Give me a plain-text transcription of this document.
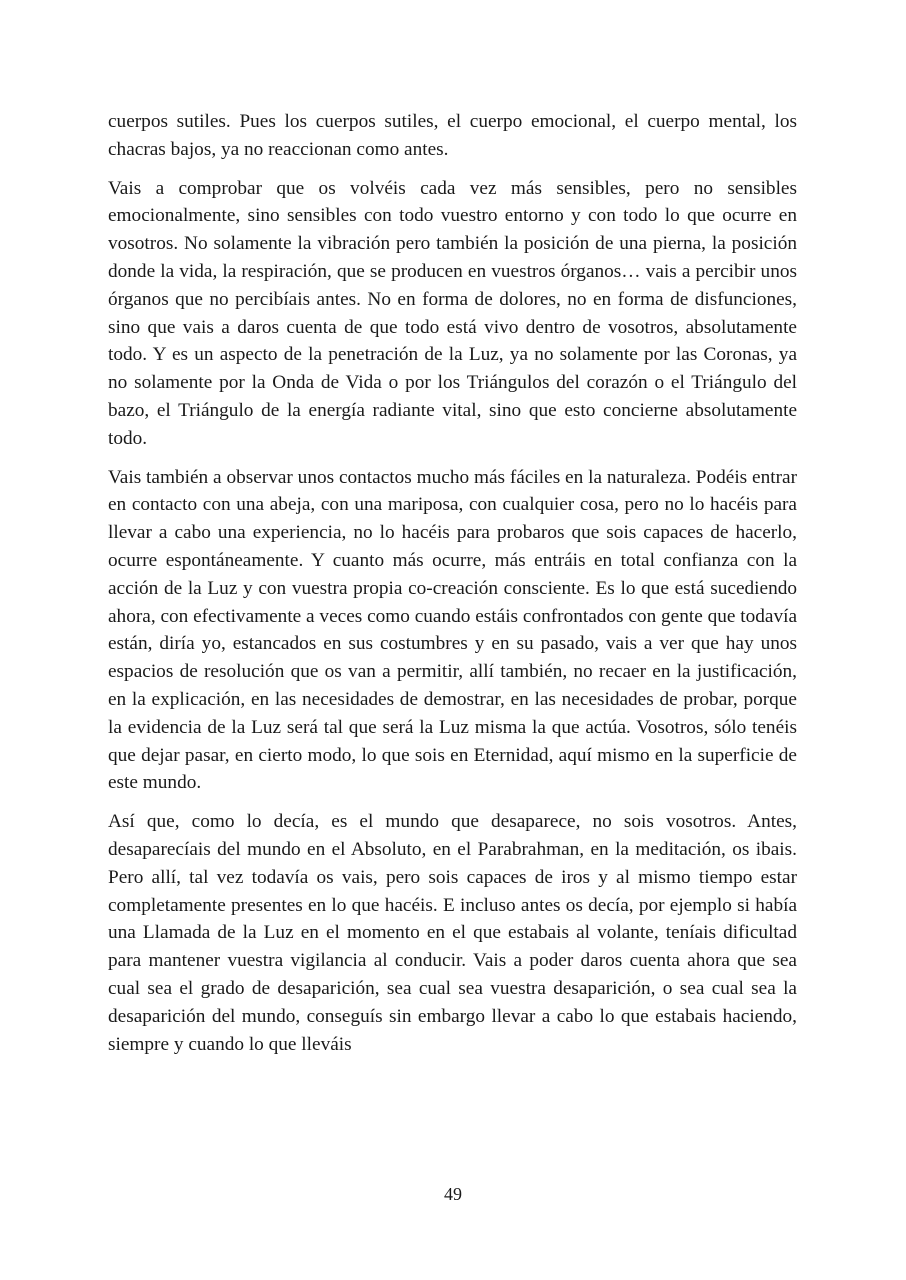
cuerpos sutiles. Pues los cuerpos sutiles, el cuerpo emocional, el cuerpo mental, los chacras bajos, ya no reaccionan como antes.

Vais a comprobar que os volvéis cada vez más sensibles, pero no sensibles emocionalmente, sino sensibles con todo vuestro entorno y con todo lo que ocurre en vosotros. No solamente la vibración pero también la posición de una pierna, la posición donde la vida, la respiración, que se producen en vuestros órganos… vais a percibir unos órganos que no percibíais antes. No en forma de dolores, no en forma de disfunciones, sino que vais a daros cuenta de que todo está vivo dentro de vosotros, absolutamente todo. Y es un aspecto de la penetración de la Luz, ya no solamente por las Coronas, ya no solamente por la Onda de Vida o por los Triángulos del corazón o el Triángulo del bazo, el Triángulo de la energía radiante vital, sino que esto concierne absolutamente todo.

Vais también a observar unos contactos mucho más fáciles en la naturaleza. Podéis entrar en contacto con una abeja, con una mariposa, con cualquier cosa, pero no lo hacéis para llevar a cabo una experiencia, no lo hacéis para probaros que sois capaces de hacerlo, ocurre espontáneamente. Y cuanto más ocurre, más entráis en total confianza con la acción de la Luz y con vuestra propia co-creación consciente. Es lo que está sucediendo ahora, con efectivamente a veces como cuando estáis confrontados con gente que todavía están, diría yo, estancados en sus costumbres y en su pasado, vais a ver que hay unos espacios de resolución que os van a permitir, allí también, no recaer en la justificación, en la explicación, en las necesidades de demostrar, en las necesidades de probar, porque la evidencia de la Luz será tal que será la Luz misma la que actúa. Vosotros, sólo tenéis que dejar pasar, en cierto modo, lo que sois en Eternidad, aquí mismo en la superficie de este mundo.

Así que, como lo decía, es el mundo que desaparece, no sois vosotros. Antes, desaparecíais del mundo en el Absoluto, en el Parabrahman, en la meditación, os ibais. Pero allí, tal vez todavía os vais, pero sois capaces de iros y al mismo tiempo estar completamente presentes en lo que hacéis. E incluso antes os decía, por ejemplo si había una Llamada de la Luz en el momento en el que estabais al volante, teníais dificultad para mantener vuestra vigilancia al conducir. Vais a poder daros cuenta ahora que sea cual sea el grado de desaparición, sea cual sea vuestra desaparición, o sea cual sea la desaparición del mundo, conseguís sin embargo llevar a cabo lo que estabais haciendo, siempre y cuando lo que lleváis

49
